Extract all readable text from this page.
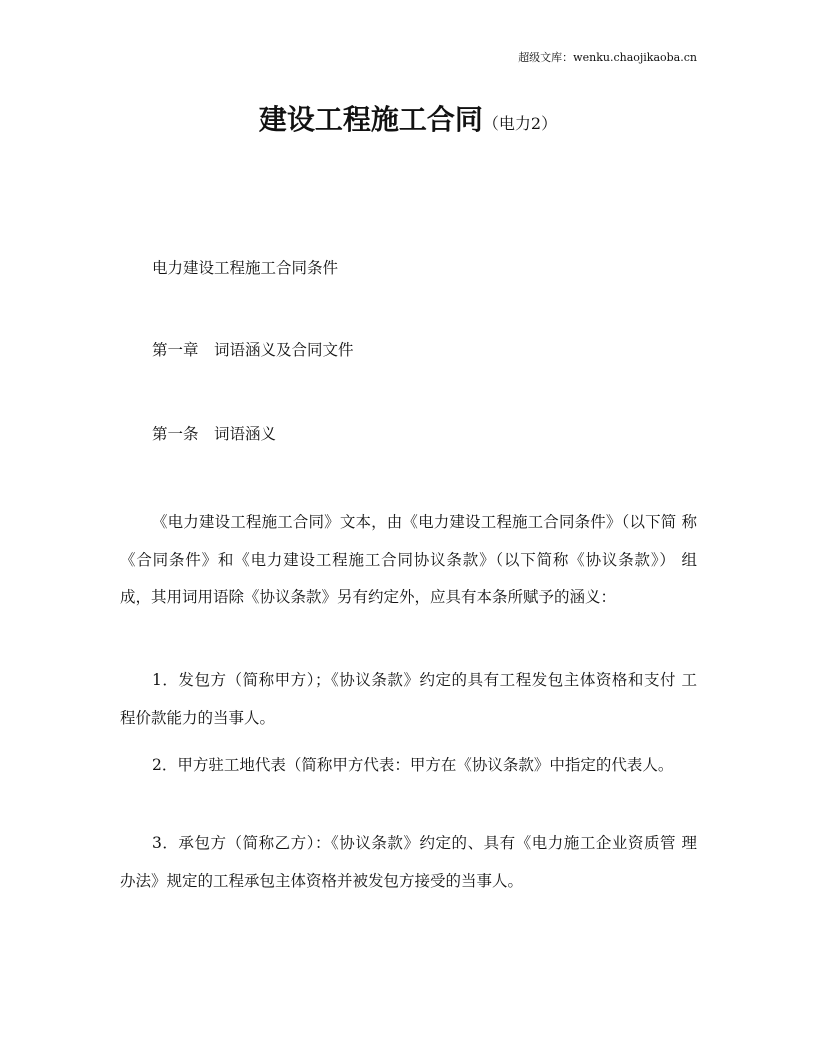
超级文库：wenku.chaojikaoba.cn
建设工程施工合同（电力2）
电力建设工程施工合同条件
第一章　词语涵义及合同文件
第一条　词语涵义
《电力建设工程施工合同》文本，由《电力建设工程施工合同条件》（以下简 称
《合同条件》和《电力建设工程施工合同协议条款》（以下简称《协议条款》） 组
成，其用词用语除《协议条款》另有约定外，应具有本条所赋予的涵义：
1．发包方（简称甲方）；《协议条款》约定的具有工程发包主体资格和支付 工
程价款能力的当事人。
2．甲方驻工地代表（简称甲方代表：甲方在《协议条款》中指定的代表人。
3．承包方（简称乙方）：《协议条款》约定的、具有《电力施工企业资质管 理
办法》规定的工程承包主体资格并被发包方接受的当事人。
